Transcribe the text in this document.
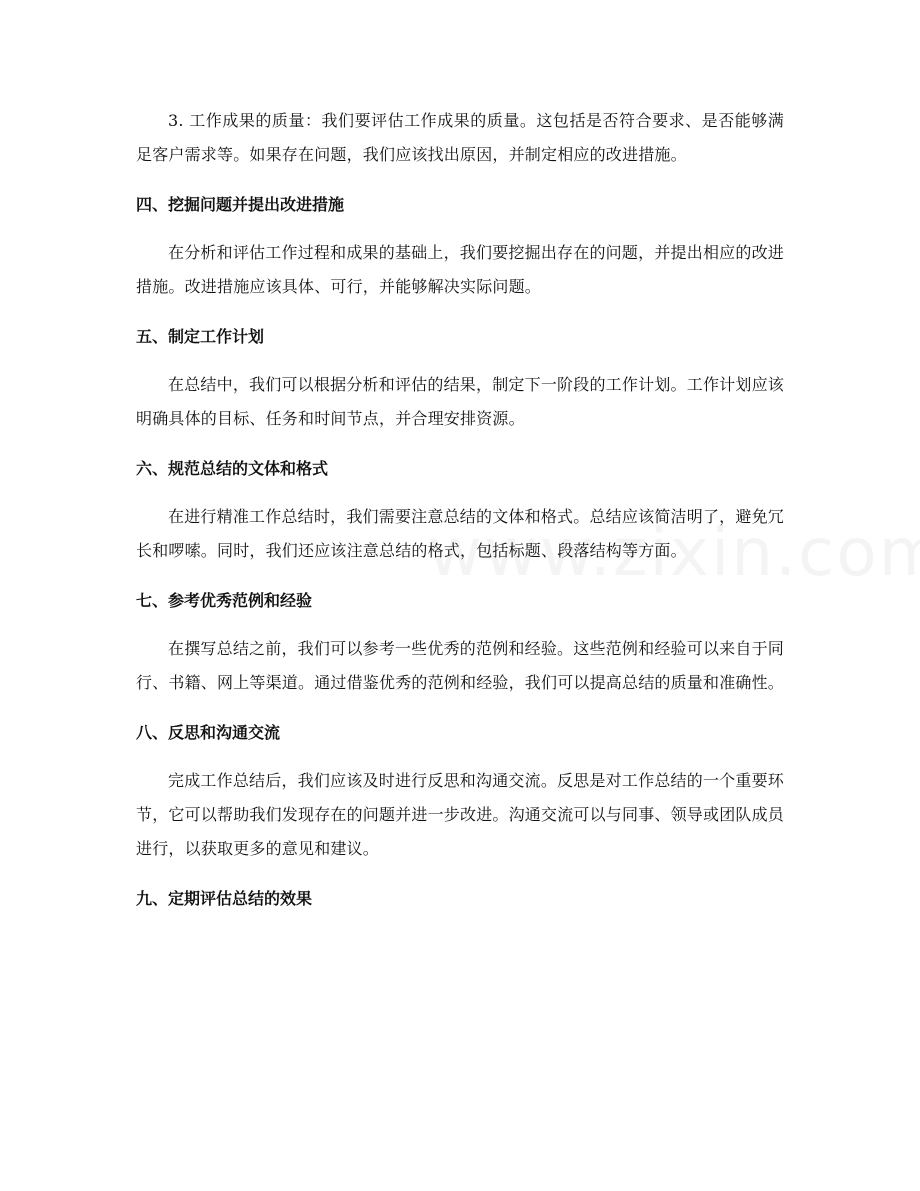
3. 工作成果的质量：我们要评估工作成果的质量。这包括是否符合要求、是否能够满足客户需求等。如果存在问题，我们应该找出原因，并制定相应的改进措施。

四、挖掘问题并提出改进措施

在分析和评估工作过程和成果的基础上，我们要挖掘出存在的问题，并提出相应的改进措施。改进措施应该具体、可行，并能够解决实际问题。

五、制定工作计划

在总结中，我们可以根据分析和评估的结果，制定下一阶段的工作计划。工作计划应该明确具体的目标、任务和时间节点，并合理安排资源。

六、规范总结的文体和格式

在进行精准工作总结时，我们需要注意总结的文体和格式。总结应该简洁明了，避免冗长和啰嗦。同时，我们还应该注意总结的格式，包括标题、段落结构等方面。

七、参考优秀范例和经验

在撰写总结之前，我们可以参考一些优秀的范例和经验。这些范例和经验可以来自于同行、书籍、网上等渠道。通过借鉴优秀的范例和经验，我们可以提高总结的质量和准确性。

八、反思和沟通交流

完成工作总结后，我们应该及时进行反思和沟通交流。反思是对工作总结的一个重要环节，它可以帮助我们发现存在的问题并进一步改进。沟通交流可以与同事、领导或团队成员进行，以获取更多的意见和建议。

九、定期评估总结的效果
